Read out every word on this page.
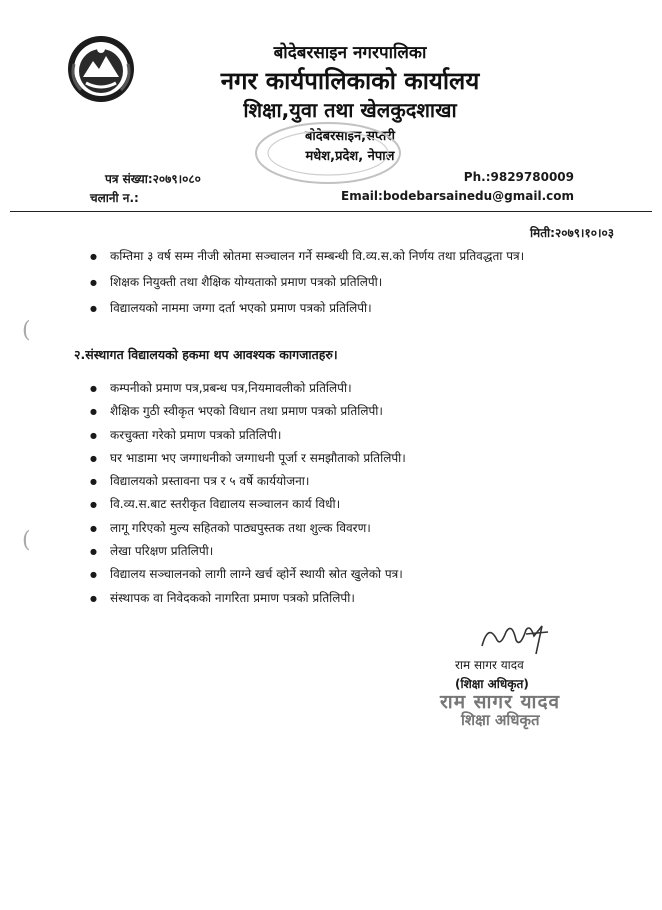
बोदेबरसाइन नगरपालिका
नगर कार्यपालिकाको कार्यालय
शिक्षा,युवा तथा खेलकुदशाखा
बोदेबरसाइन,सप्तरी
मधेश,प्रदेश, नेपाल
पत्र संख्या:२०७९।०८०
चलानी न.:
Ph.:9829780009
Email:bodebarsainedu@gmail.com
मिती:२०७९।१०।०३
● कम्तिमा ३ वर्ष सम्म नीजी स्रोतमा सञ्चालन गर्ने सम्बन्धी वि.व्य.स.को निर्णय तथा प्रतिवद्धता पत्र।
● शिक्षक नियुक्ती तथा शैक्षिक योग्यताको प्रमाण पत्रको प्रतिलिपी।
● विद्यालयको नाममा जग्गा दर्ता भएको प्रमाण पत्रको प्रतिलिपी।
(
२.संस्थागत विद्यालयको हकमा थप आवश्यक कागजातहरु।
● कम्पनीको प्रमाण पत्र,प्रबन्ध पत्र,नियमावलीको प्रतिलिपी।
● शैक्षिक गुठी स्वीकृत भएको विधान तथा प्रमाण पत्रको प्रतिलिपी।
● करचुक्ता गरेको प्रमाण पत्रको प्रतिलिपी।
● घर भाडामा भए जग्गाधनीको जग्गाधनी पूर्जा र समझौताको प्रतिलिपी।
● विद्यालयको प्रस्तावना पत्र र ५ वर्षे कार्ययोजना।
● वि.व्य.स.बाट स्तरीकृत विद्यालय सञ्चालन कार्य विधी।
● लागू गरिएको मुल्य सहितको पाठ्यपुस्तक तथा शुल्क विवरण।
● लेखा परिक्षण प्रतिलिपी।
● विद्यालय सञ्चालनको लागी लाग्ने खर्च व्होर्ने स्थायी स्रोत खुलेको पत्र।
● संस्थापक वा निवेदकको नागरिता प्रमाण पत्रको प्रतिलिपी।
(
राम सागर यादव
(शिक्षा अधिकृत)
राम सागर यादव
शिक्षा अधिकृत
